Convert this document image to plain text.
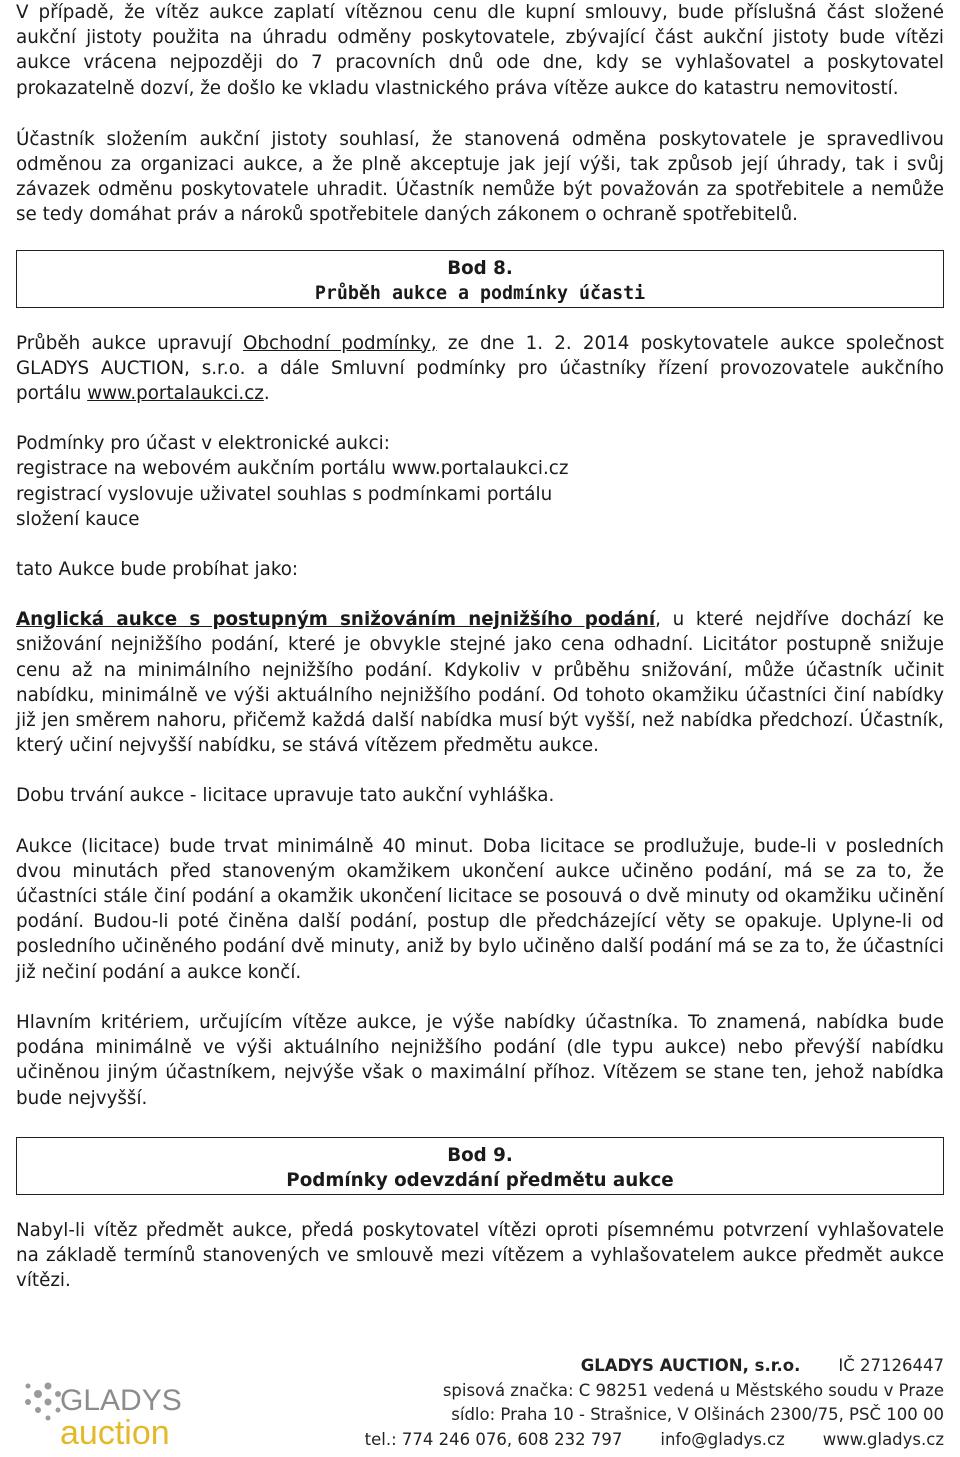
V případě, že vítěz aukce zaplatí vítěznou cenu dle kupní smlouvy, bude příslušná část složené aukční jistoty použita na úhradu odměny poskytovatele, zbývající část aukční jistoty bude vítězi aukce vrácena nejpozději do 7 pracovních dnů ode dne, kdy se vyhlašovatel a poskytovatel prokazatelně dozví, že došlo ke vkladu vlastnického práva vítěze aukce do katastru nemovitostí.

Účastník složením aukční jistoty souhlasí, že stanovená odměna poskytovatele je spravedlivou odměnou za organizaci aukce, a že plně akceptuje jak její výši, tak způsob její úhrady, tak i svůj závazek odměnu poskytovatele uhradit. Účastník nemůže být považován za spotřebitele a nemůže se tedy domáhat práv a nároků spotřebitele daných zákonem o ochraně spotřebitelů.

Bod 8.
Průběh aukce a podmínky účasti

Průběh aukce upravují Obchodní podmínky, ze dne 1. 2. 2014 poskytovatele aukce společnost GLADYS AUCTION, s.r.o. a dále Smluvní podmínky pro účastníky řízení provozovatele aukčního portálu www.portalaukci.cz.

Podmínky pro účast v elektronické aukci:

registrace na webovém aukčním portálu www.portalaukci.cz

registrací vyslovuje uživatel souhlas s podmínkami portálu

složení kauce

tato Aukce bude probíhat jako:

Anglická aukce s postupným snižováním nejnižšího podání, u které nejdříve dochází ke snižování nejnižšího podání, které je obvykle stejné jako cena odhadní. Licitátor postupně snižuje cenu až na minimálního nejnižšího podání. Kdykoliv v průběhu snižování, může účastník učinit nabídku, minimálně ve výši aktuálního nejnižšího podání. Od tohoto okamžiku účastníci činí nabídky již jen směrem nahoru, přičemž každá další nabídka musí být vyšší, než nabídka předchozí. Účastník, který učiní nejvyšší nabídku, se stává vítězem předmětu aukce.

Dobu trvání aukce - licitace upravuje tato aukční vyhláška.

Aukce (licitace) bude trvat minimálně 40 minut. Doba licitace se prodlužuje, bude-li v posledních dvou minutách před stanoveným okamžikem ukončení aukce učiněno podání, má se za to, že účastníci stále činí podání a okamžik ukončení licitace se posouvá o dvě minuty od okamžiku učinění podání. Budou-li poté činěna další podání, postup dle předcházející věty se opakuje. Uplyne-li od posledního učiněného podání dvě minuty, aniž by bylo učiněno další podání má se za to, že účastníci již nečiní podání a aukce končí.

Hlavním kritériem, určujícím vítěze aukce, je výše nabídky účastníka. To znamená, nabídka bude podána minimálně ve výši aktuálního nejnižšího podání (dle typu aukce) nebo převýší nabídku učiněnou jiným účastníkem, nejvýše však o maximální příhoz. Vítězem se stane ten, jehož nabídka bude nejvyšší.

Bod 9.
Podmínky odevzdání předmětu aukce

Nabyl-li vítěz předmět aukce, předá poskytovatel vítězi oproti písemnému potvrzení vyhlašovatele na základě termínů stanovených ve smlouvě mezi vítězem a vyhlašovatelem aukce předmět aukce vítězi.

GLADYS
auction
GLADYS AUCTION, s.r.o. IČ 27126447
spisová značka: C 98251 vedená u Městského soudu v Praze
sídlo: Praha 10 - Strašnice, V Olšinách 2300/75, PSČ 100 00
tel.: 774 246 076, 608 232 797 info@gladys.cz www.gladys.cz
